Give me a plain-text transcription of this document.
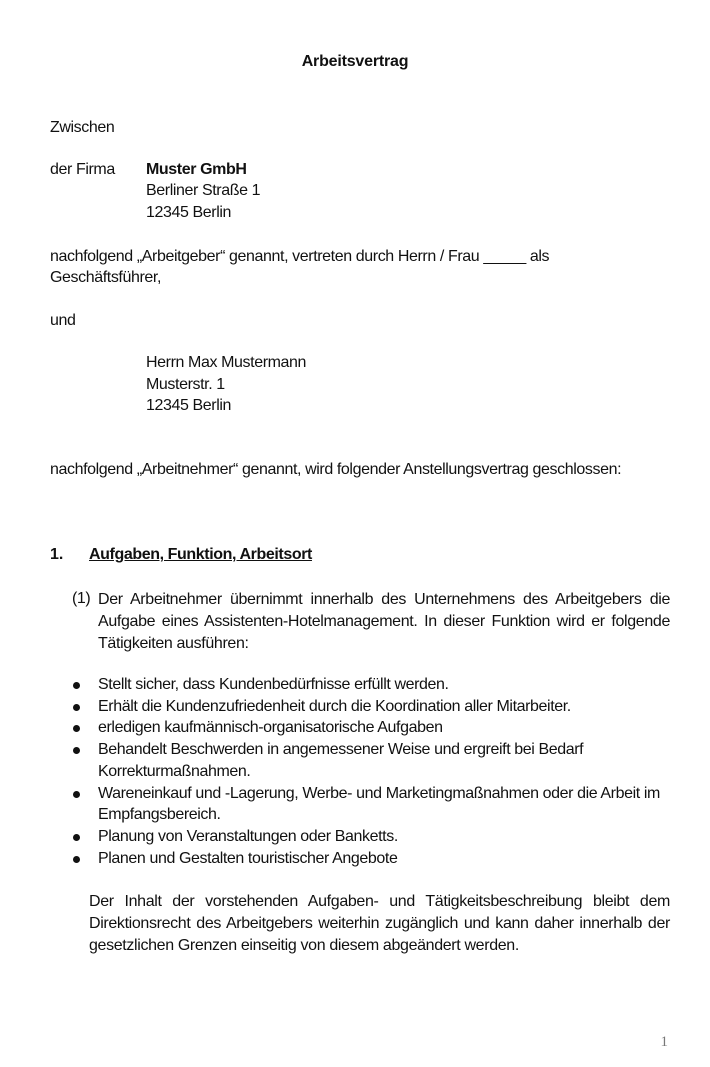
Arbeitsvertrag
Zwischen
der Firma Muster GmbH
Berliner Straße 1
12345 Berlin
nachfolgend „Arbeitgeber“ genannt, vertreten durch Herrn / Frau _____ als
Geschäftsführer,
und
Herrn Max Mustermann
Musterstr. 1
12345 Berlin
nachfolgend „Arbeitnehmer“ genannt, wird folgender Anstellungsvertrag geschlossen:
1. Aufgaben, Funktion, Arbeitsort
(1) Der Arbeitnehmer übernimmt innerhalb des Unternehmens des Arbeitgebers die Aufgabe eines Assistenten-Hotelmanagement. In dieser Funktion wird er folgende Tätigkeiten ausführen:
Stellt sicher, dass Kundenbedürfnisse erfüllt werden.
Erhält die Kundenzufriedenheit durch die Koordination aller Mitarbeiter.
erledigen kaufmännisch-organisatorische Aufgaben
Behandelt Beschwerden in angemessener Weise und ergreift bei Bedarf Korrekturmaßnahmen.
Wareneinkauf und -Lagerung, Werbe- und Marketingmaßnahmen oder die Arbeit im Empfangsbereich.
Planung von Veranstaltungen oder Banketts.
Planen und Gestalten touristischer Angebote
Der Inhalt der vorstehenden Aufgaben- und Tätigkeitsbeschreibung bleibt dem Direktionsrecht des Arbeitgebers weiterhin zugänglich und kann daher innerhalb der gesetzlichen Grenzen einseitig von diesem abgeändert werden.
1
